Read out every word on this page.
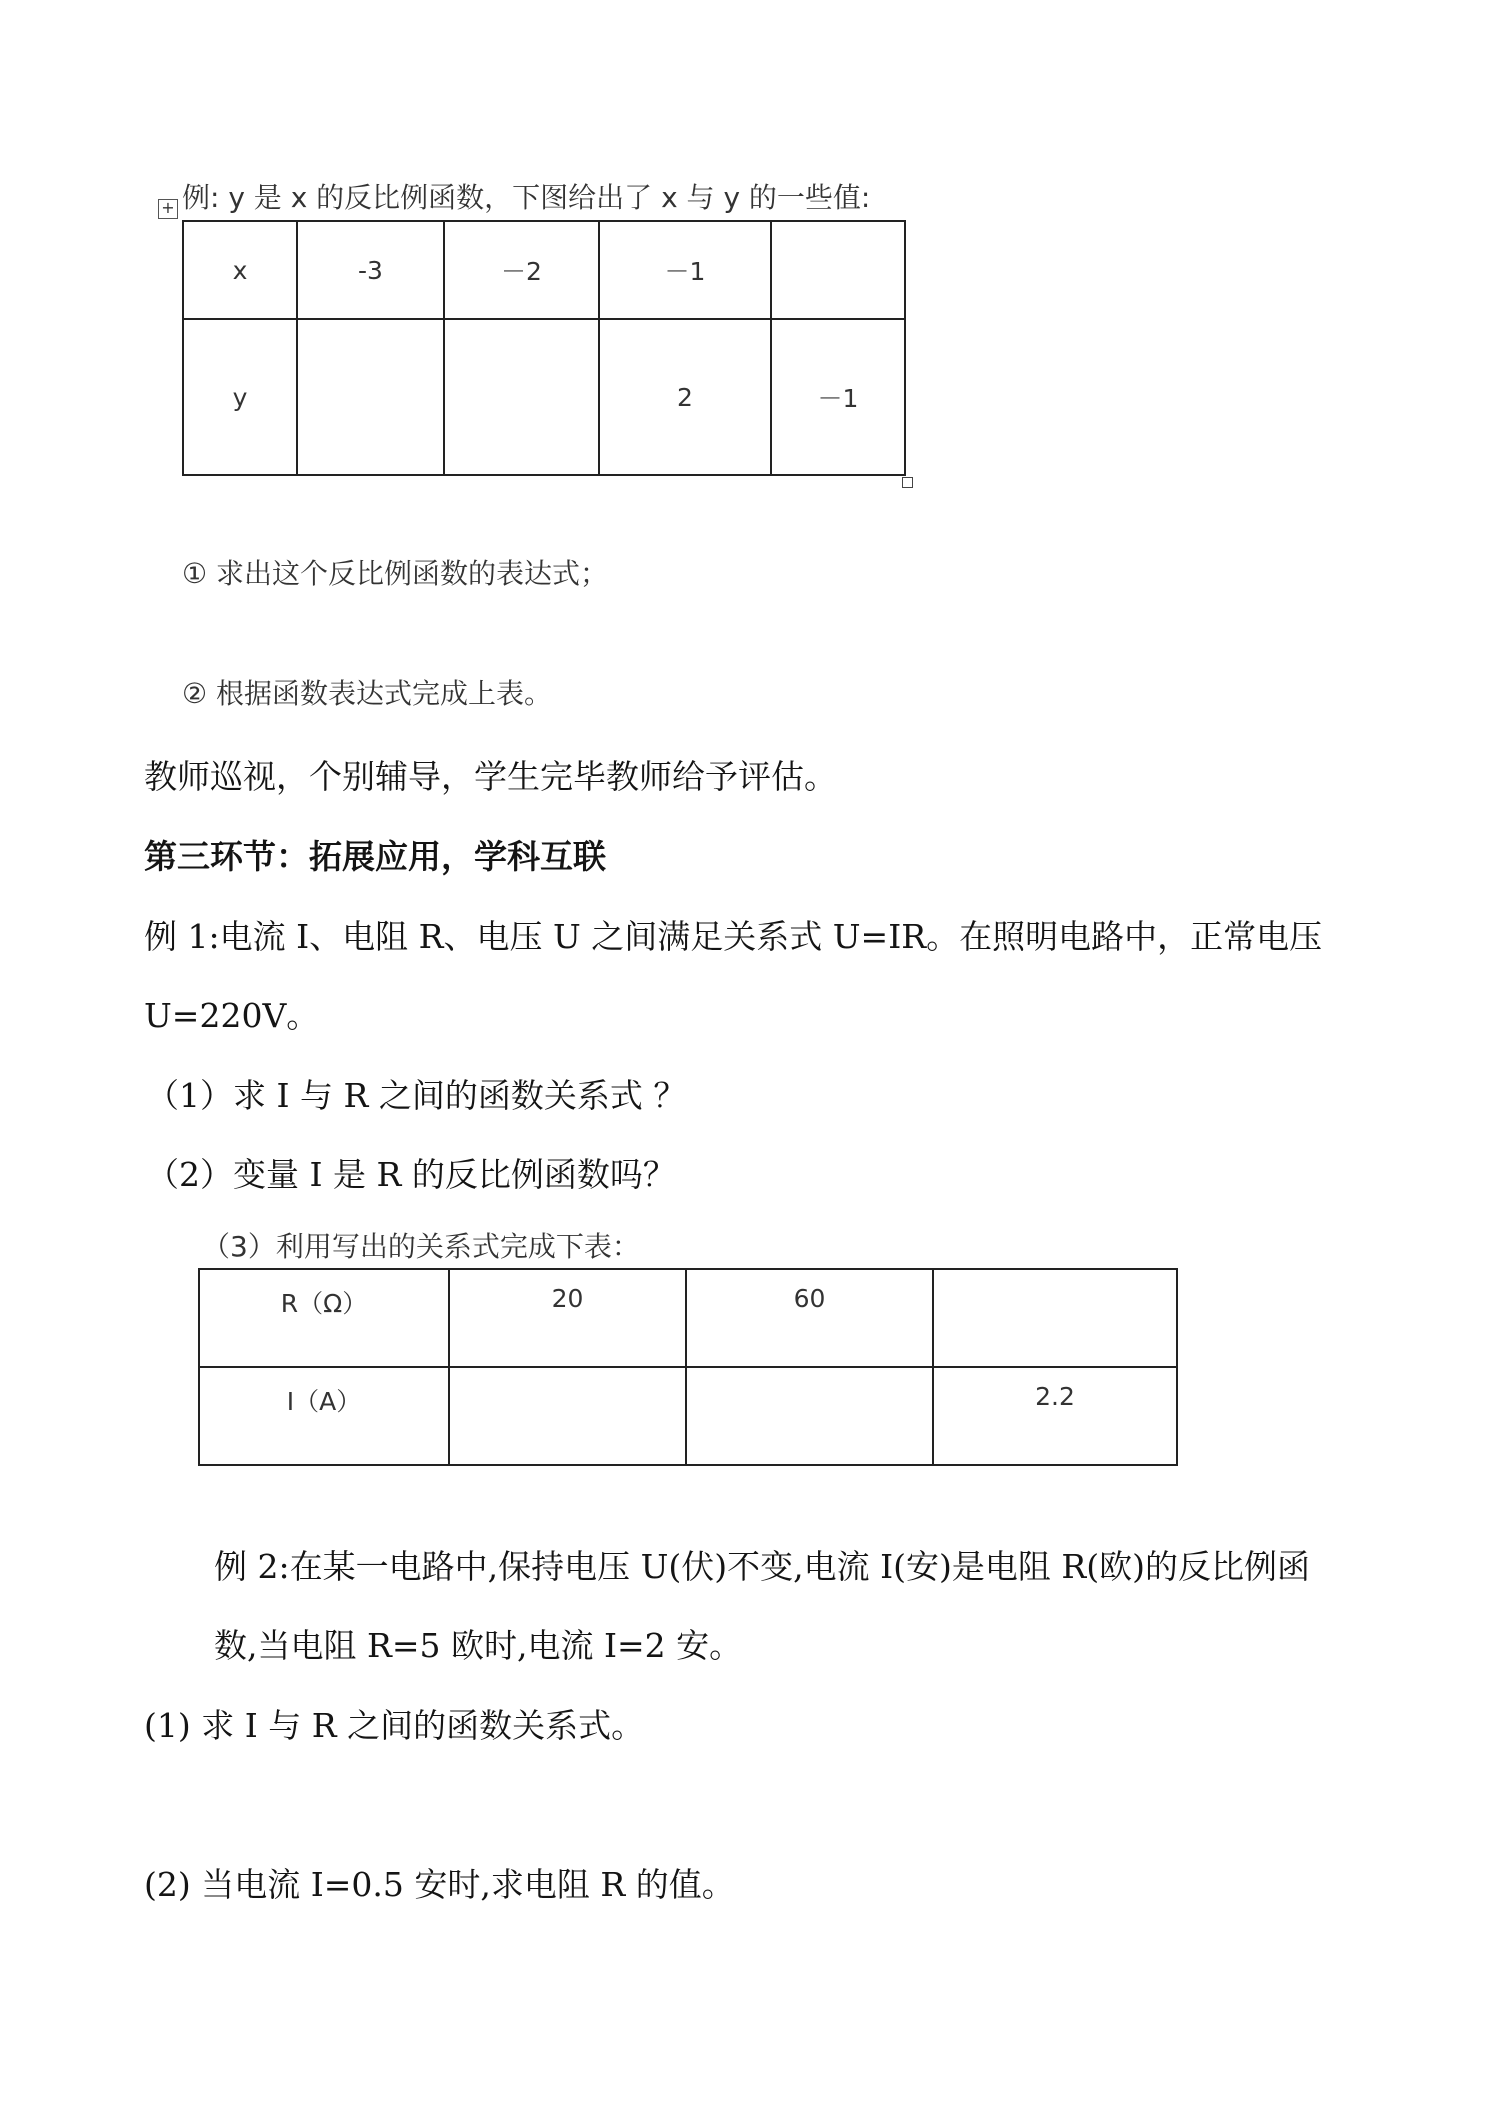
+ 例: y 是 x 的反比例函数，下图给出了 x 与 y 的一些值:
x	-3	－2	－1	
y			2	－1
① 求出这个反比例函数的表达式；
② 根据函数表达式完成上表。
教师巡视，个别辅导，学生完毕教师给予评估。
第三环节：拓展应用，学科互联
例 1:电流 I、电阻 R、电压 U 之间满足关系式 U=IR。在照明电路中，正常电压
U=220V。
（1）求 I 与 R 之间的函数关系式 ？
（2）变量 I 是 R 的反比例函数吗？
（3）利用写出的关系式完成下表：
R（Ω）	20	60	
I（A）			2.2
例 2:在某一电路中,保持电压 U(伏)不变,电流 I(安)是电阻 R(欧)的反比例函
数,当电阻 R=5 欧时,电流 I=2 安。
(1) 求 I 与 R 之间的函数关系式。
(2) 当电流 I=0.5 安时,求电阻 R 的值。
